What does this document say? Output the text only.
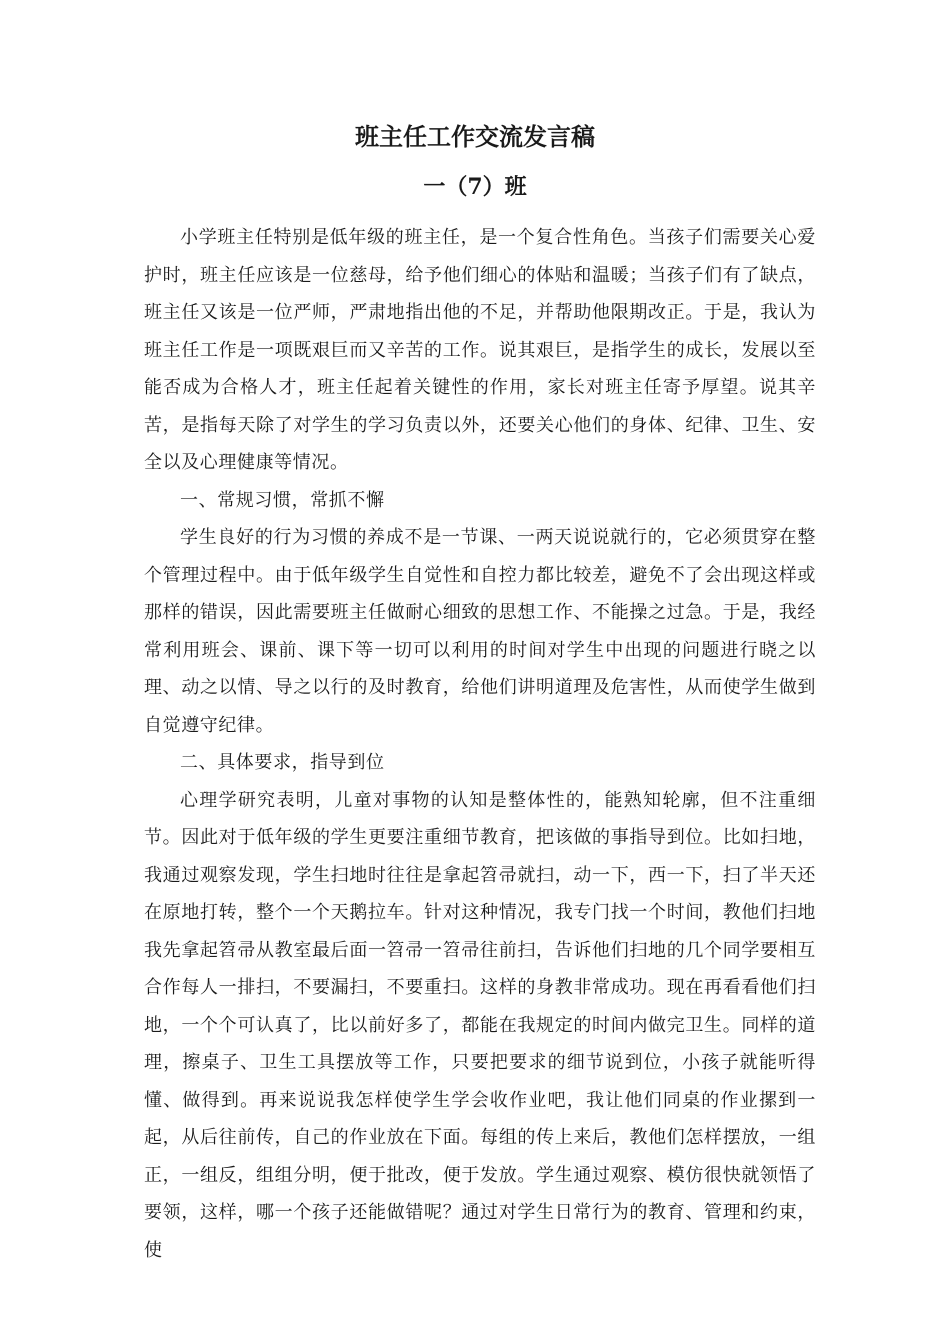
班主任工作交流发言稿
一（7）班

小学班主任特别是低年级的班主任，是一个复合性角色。当孩子们需要关心爱护时，班主任应该是一位慈母，给予他们细心的体贴和温暖；当孩子们有了缺点，班主任又该是一位严师，严肃地指出他的不足，并帮助他限期改正。于是，我认为班主任工作是一项既艰巨而又辛苦的工作。说其艰巨，是指学生的成长，发展以至能否成为合格人才，班主任起着关键性的作用，家长对班主任寄予厚望。说其辛苦，是指每天除了对学生的学习负责以外，还要关心他们的身体、纪律、卫生、安全以及心理健康等情况。

一、常规习惯，常抓不懈

学生良好的行为习惯的养成不是一节课、一两天说说就行的，它必须贯穿在整个管理过程中。由于低年级学生自觉性和自控力都比较差，避免不了会出现这样或那样的错误，因此需要班主任做耐心细致的思想工作、不能操之过急。于是，我经常利用班会、课前、课下等一切可以利用的时间对学生中出现的问题进行晓之以理、动之以情、导之以行的及时教育，给他们讲明道理及危害性，从而使学生做到自觉遵守纪律。

二、具体要求，指导到位

心理学研究表明，儿童对事物的认知是整体性的，能熟知轮廓，但不注重细节。因此对于低年级的学生更要注重细节教育，把该做的事指导到位。比如扫地，我通过观察发现，学生扫地时往往是拿起笤帚就扫，动一下，西一下，扫了半天还在原地打转，整个一个天鹅拉车。针对这种情况，我专门找一个时间，教他们扫地我先拿起笤帚从教室最后面一笤帚一笤帚往前扫，告诉他们扫地的几个同学要相互合作每人一排扫，不要漏扫，不要重扫。这样的身教非常成功。现在再看看他们扫地，一个个可认真了，比以前好多了，都能在我规定的时间内做完卫生。同样的道理，擦桌子、卫生工具摆放等工作，只要把要求的细节说到位，小孩子就能听得懂、做得到。再来说说我怎样使学生学会收作业吧，我让他们同桌的作业摞到一起，从后往前传，自己的作业放在下面。每组的传上来后，教他们怎样摆放，一组正，一组反，组组分明，便于批改，便于发放。学生通过观察、模仿很快就领悟了要领，这样，哪一个孩子还能做错呢？通过对学生日常行为的教育、管理和约束，使
